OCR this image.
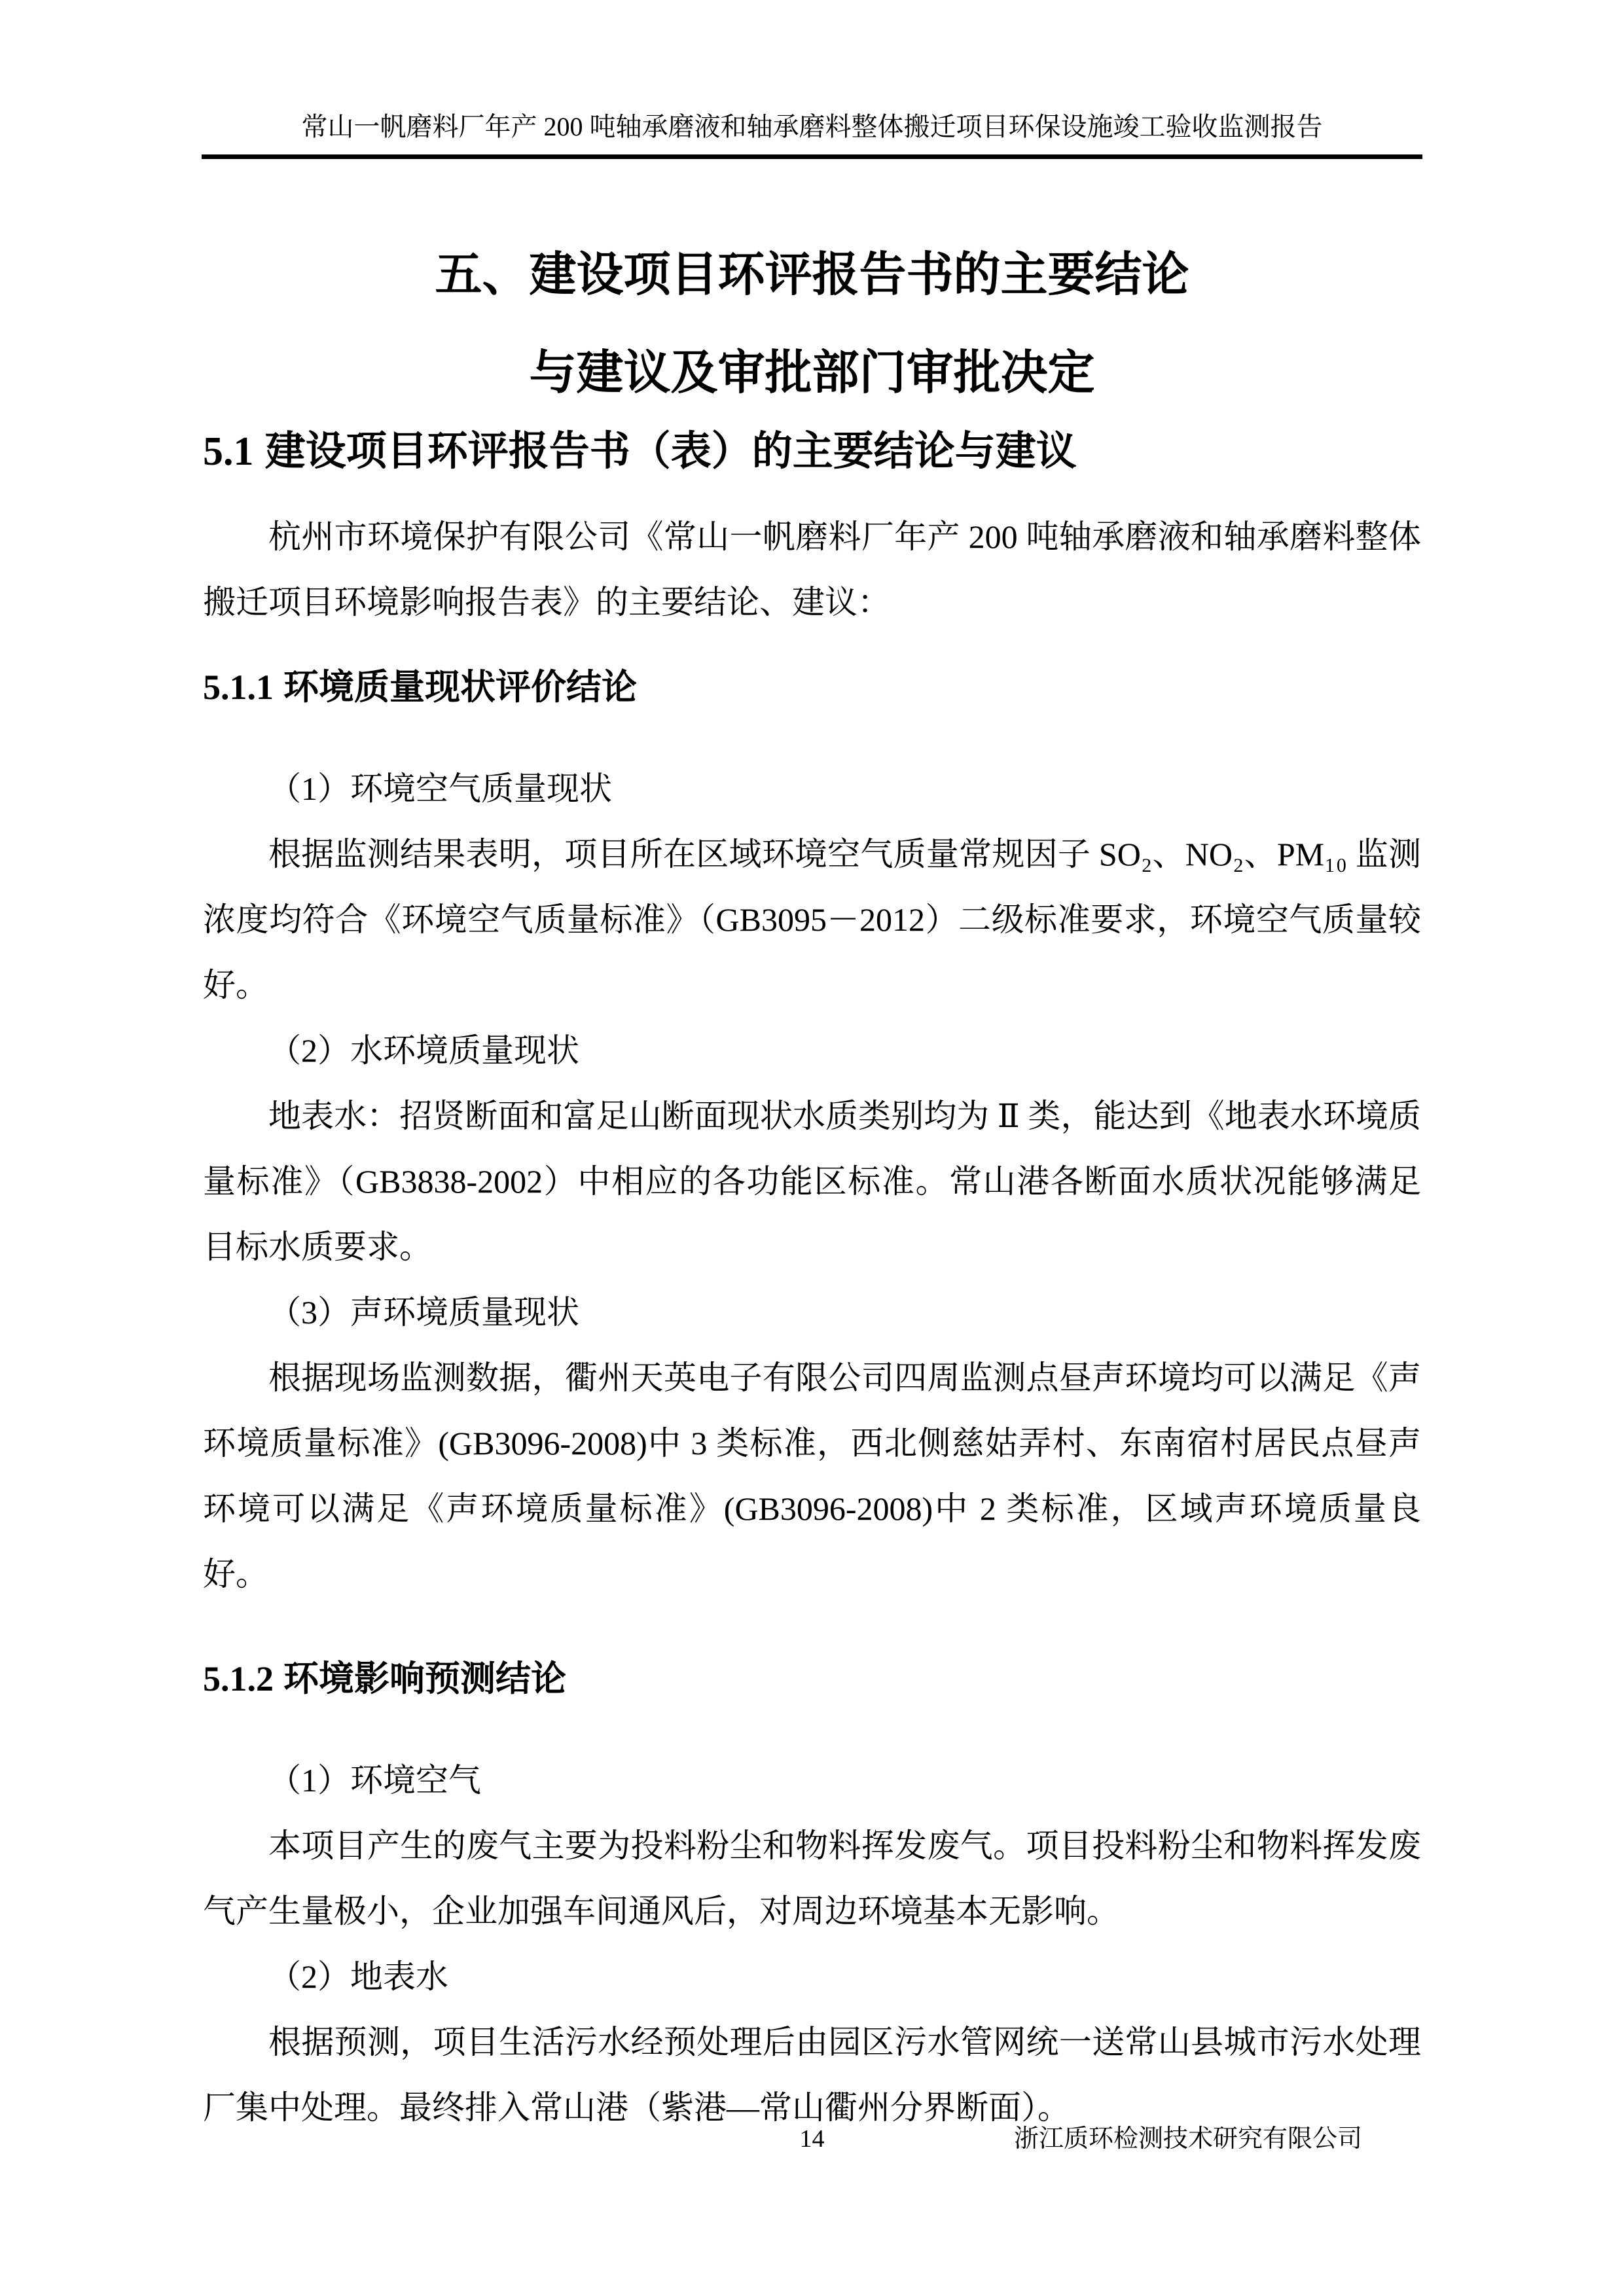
常山一帆磨料厂年产 200 吨轴承磨液和轴承磨料整体搬迁项目环保设施竣工验收监测报告
五、建设项目环评报告书的主要结论
与建议及审批部门审批决定
5.1 建设项目环评报告书（表）的主要结论与建议

杭州市环境保护有限公司《常山一帆磨料厂年产 200 吨轴承磨液和轴承磨料整体搬迁项目环境影响报告表》的主要结论、建议：

5.1.1 环境质量现状评价结论

（1）环境空气质量现状

根据监测结果表明，项目所在区域环境空气质量常规因子 SO₂、NO₂、PM₁₀ 监测浓度均符合《环境空气质量标准》（GB3095－2012）二级标准要求，环境空气质量较好。

（2）水环境质量现状

地表水：招贤断面和富足山断面现状水质类别均为 Ⅱ 类，能达到《地表水环境质量标准》（GB3838-2002）中相应的各功能区标准。常山港各断面水质状况能够满足目标水质要求。

（3）声环境质量现状

根据现场监测数据，衢州天英电子有限公司四周监测点昼声环境均可以满足《声环境质量标准》(GB3096-2008)中 3 类标准，西北侧慈姑弄村、东南宿村居民点昼声环境可以满足《声环境质量标准》(GB3096-2008)中 2 类标准，区域声环境质量良好。

5.1.2 环境影响预测结论

（1）环境空气

本项目产生的废气主要为投料粉尘和物料挥发废气。项目投料粉尘和物料挥发废气产生量极小，企业加强车间通风后，对周边环境基本无影响。

（2）地表水

根据预测，项目生活污水经预处理后由园区污水管网统一送常山县城市污水处理厂集中处理。最终排入常山港（紫港—常山衢州分界断面）。

14	浙江质环检测技术研究有限公司
